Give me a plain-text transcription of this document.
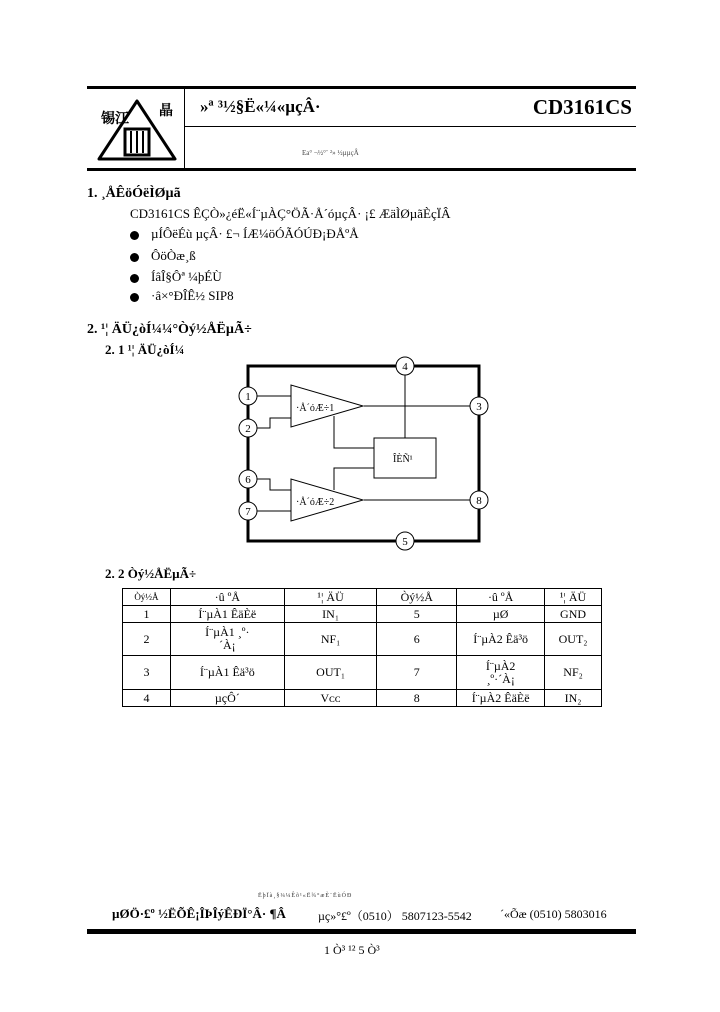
锡江
晶 »ª ³½§Ë«¼«µçÂ·	CD3161CS
Ea° ¬½°¨ ²» ½µµçÂ
1. ¸ÅÊöÓëÌØµã
CD3161CS ÊÇÒ»¿éË«Í¨µÀÇ°ÖÃ·Å´óµçÂ· ¡£ ÆäÌØµãÈçÏÂ
µÍÔëÉù µçÂ· £¬ ÍÆ¼öÓÃÓÚÐ¡ÐÅºÅ
ÔöÒæ¸ß
ÍâÎ§Ôª ¼þÉÙ
·â×°ÐÎÊ½ SIP8
2. ¹¦ ÄÜ¿òÍ¼¼°Òý½ÅËµÃ÷
2. 1 ¹¦ ÄÜ¿òÍ¼
·Å´óÆ÷1
·Å´óÆ÷2
ÎÈÑ¹
1
2
3
4
5
6
7
8
2. 2 Òý½ÅËµÃ÷
Òý½Å	·û ºÅ	¹¦ ÄÜ	Òý½Å	·û ºÅ	¹¦ ÄÜ
1	Í¨µÀ1 ÊäÈë	IN₁	5	µØ	GND
2	Í¨µÀ1 ¸º·´À¡	NF₁	6	Í¨µÀ2 Êä³ö	OUT₂
3	Í¨µÀ1 Êä³ö	OUT₁	7	Í¨µÀ2 ¸º·´À¡	NF₂
4	µçÔ´	Vᴄᴄ	8	Í¨µÀ2 ÊäÈë	IN₂
ËþÏà¸§¼¼Êõ¹«Ë¾°æÈ¨ËùÓÐ
µØÖ·£º ½ËÕÊ¡ÎÞÎýÊÐÏ°Â· ¶Â	µç»°£º（0510） 5807123-5542 ´«Õæ (0510) 5803016
1 Ò³ ¹² 5 Ò³
